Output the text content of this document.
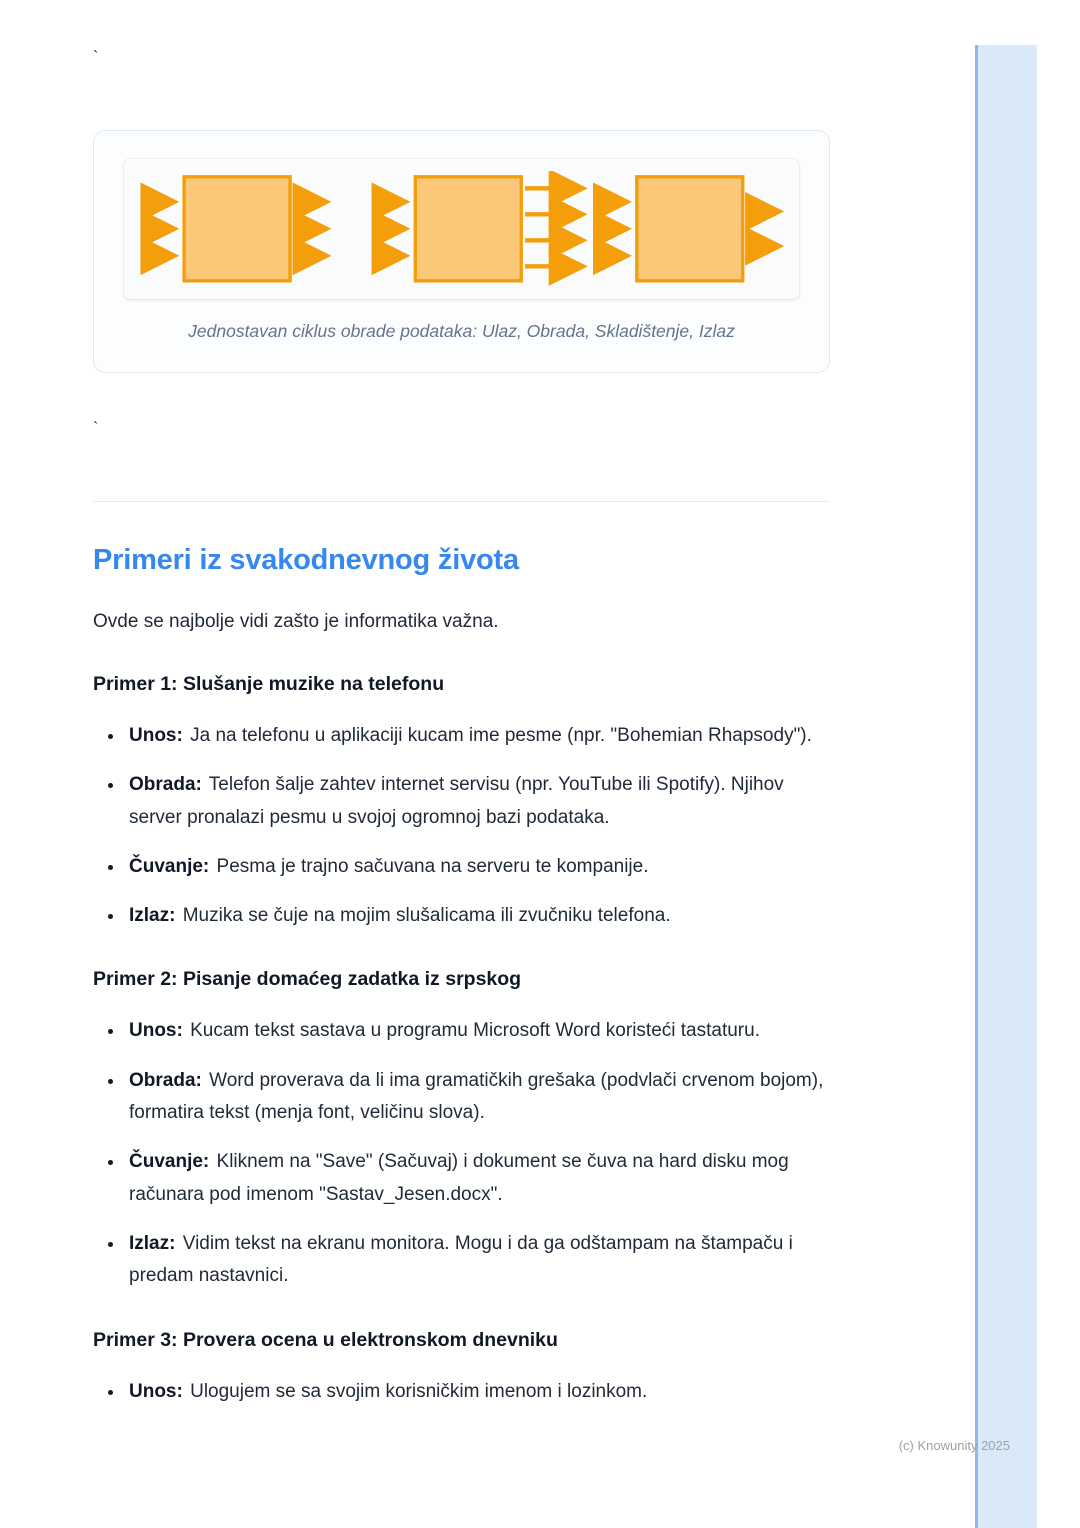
`
Jednostavan ciklus obrade podataka: Ulaz, Obrada, Skladištenje, Izlaz
`
Primeri iz svakodnevnog života

Ovde se najbolje vidi zašto je informatika važna.

Primer 1: Slušanje muzike na telefonu
• Unos: Ja na telefonu u aplikaciji kucam ime pesme (npr. "Bohemian Rhapsody").
• Obrada: Telefon šalje zahtev internet servisu (npr. YouTube ili Spotify). Njihov server pronalazi pesmu u svojoj ogromnoj bazi podataka.
• Čuvanje: Pesma je trajno sačuvana na serveru te kompanije.
• Izlaz: Muzika se čuje na mojim slušalicama ili zvučniku telefona.
Primer 2: Pisanje domaćeg zadatka iz srpskog
• Unos: Kucam tekst sastava u programu Microsoft Word koristeći tastaturu.
• Obrada: Word proverava da li ima gramatičkih grešaka (podvlači crvenom bojom), formatira tekst (menja font, veličinu slova).
• Čuvanje: Kliknem na "Save" (Sačuvaj) i dokument se čuva na hard disku mog računara pod imenom "Sastav_Jesen.docx".
• Izlaz: Vidim tekst na ekranu monitora. Mogu i da ga odštampam na štampaču i predam nastavnici.
Primer 3: Provera ocena u elektronskom dnevniku
• Unos: Ulogujem se sa svojim korisničkim imenom i lozinkom.
(c) Knowunity 2025
